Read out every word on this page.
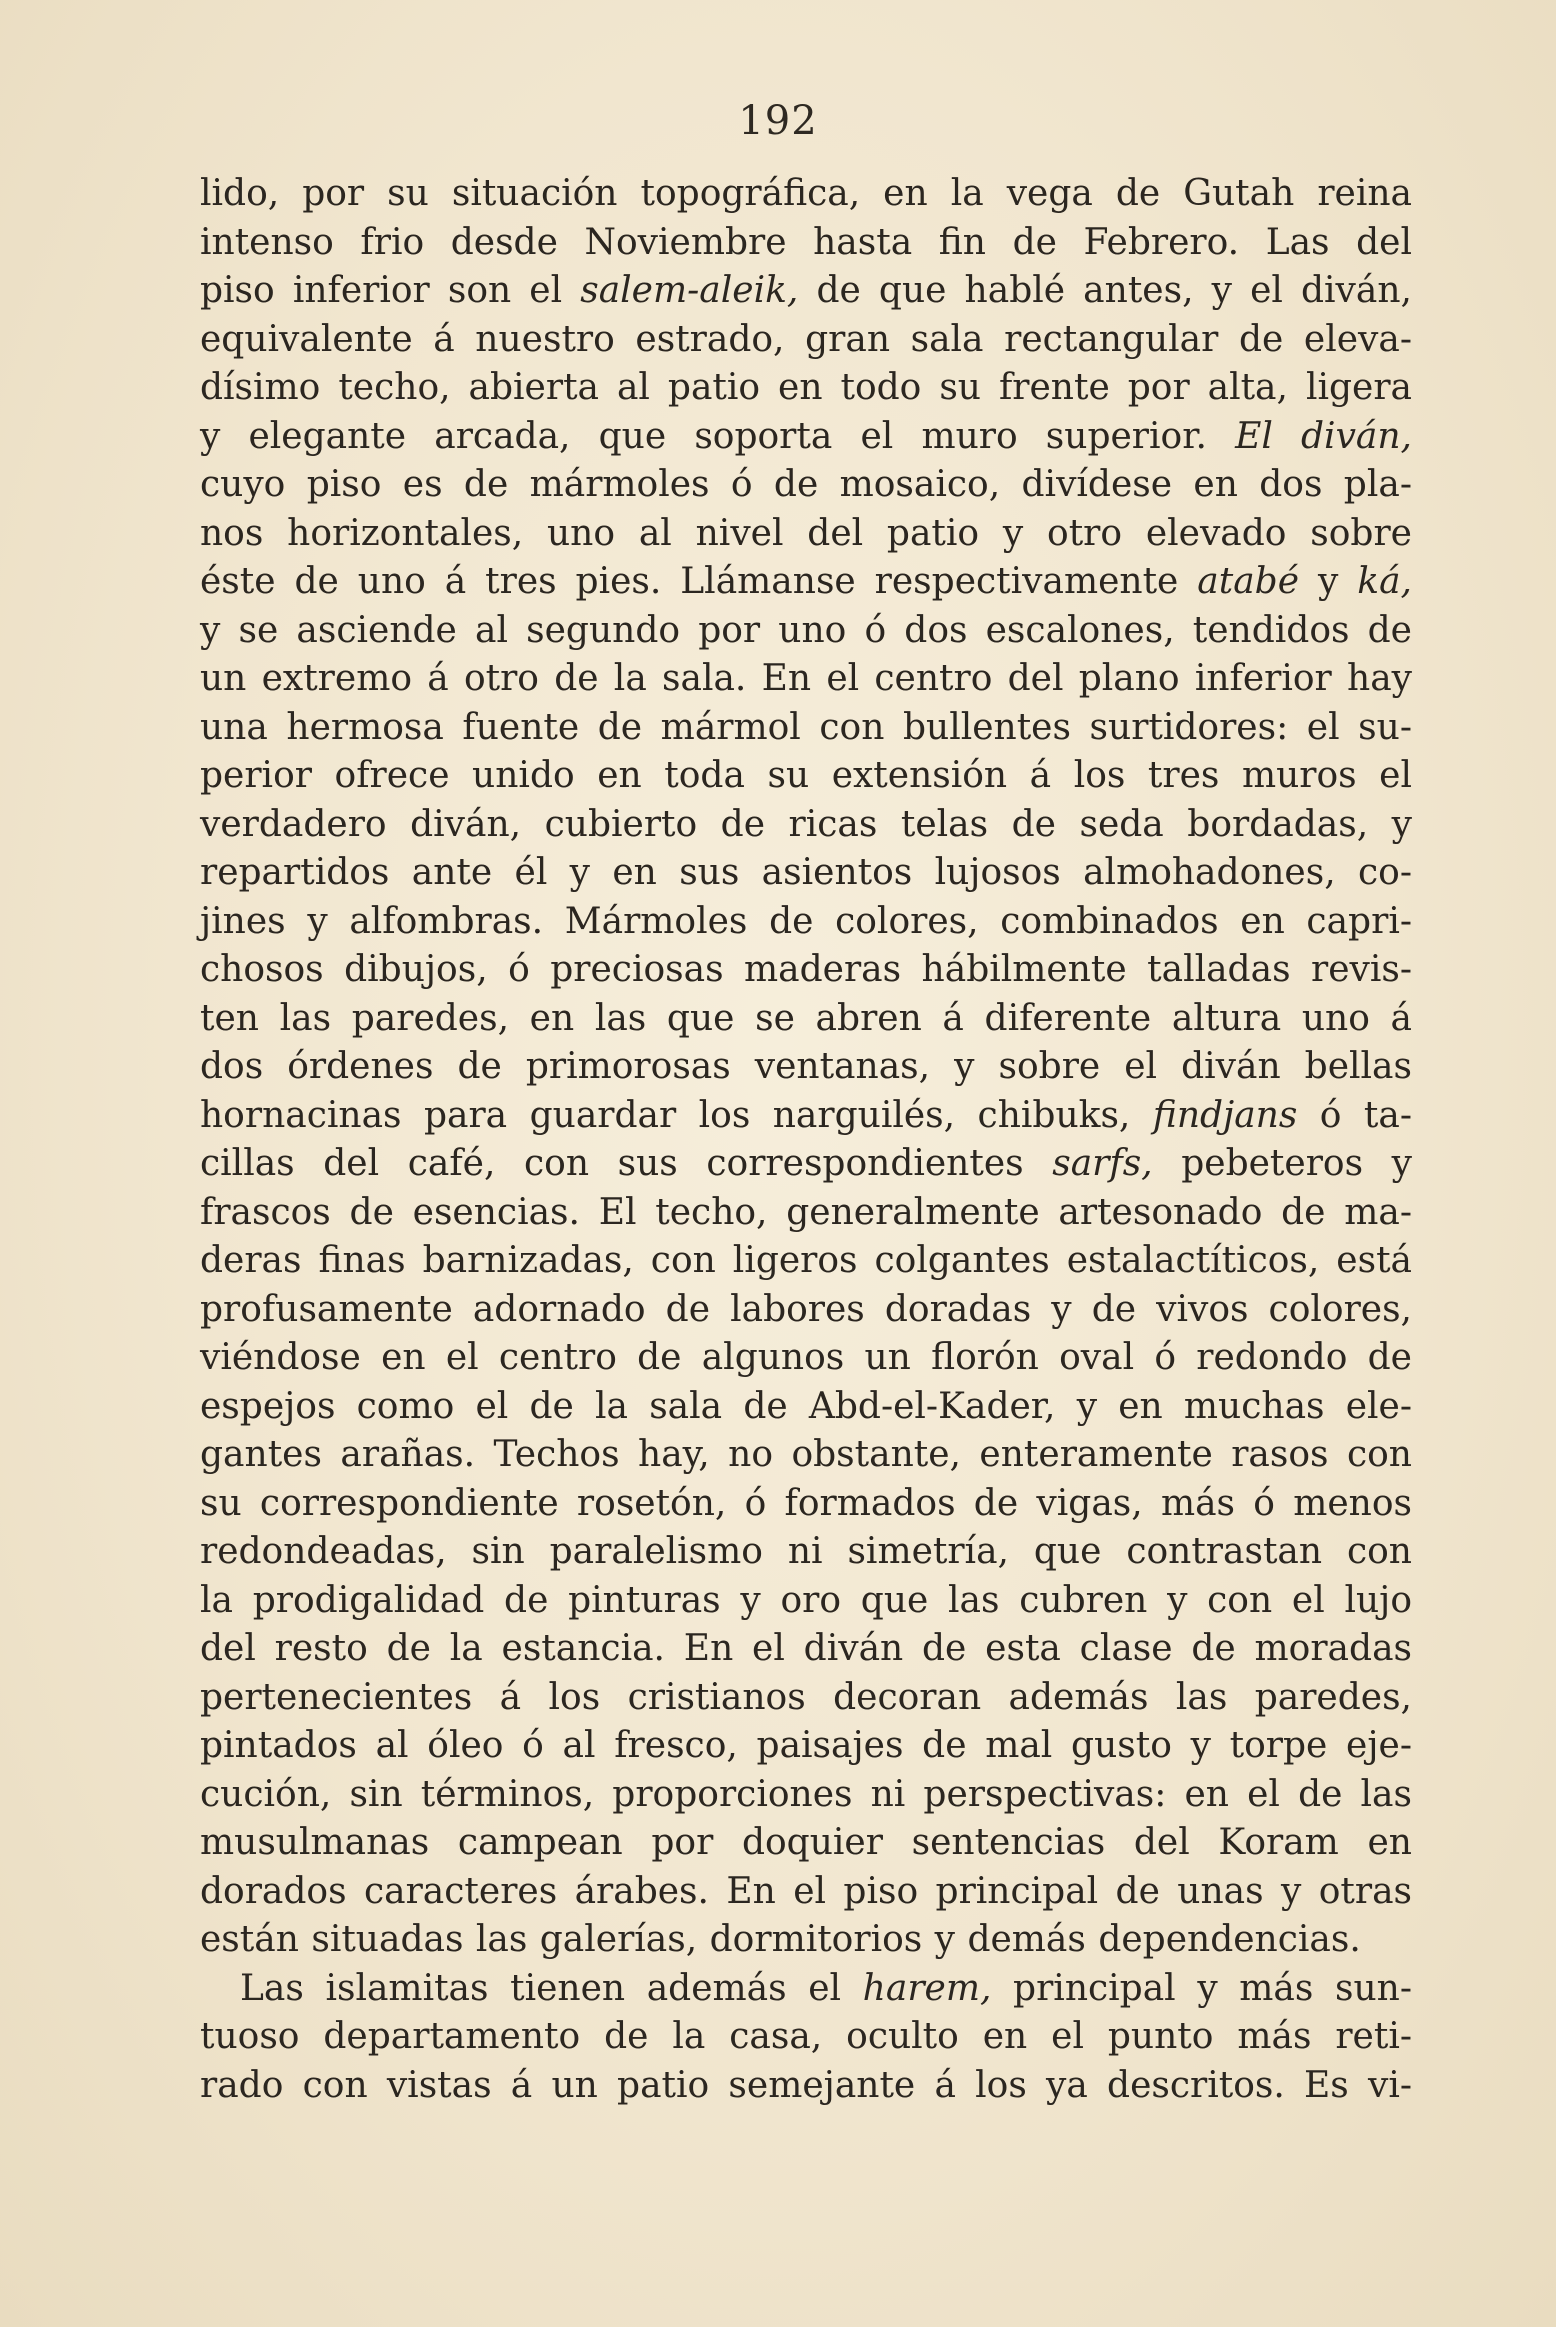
192
lido, por su situación topográfica, en la vega de Gutah reina
intenso frio desde Noviembre hasta fin de Febrero. Las del
piso inferior son el salem-aleik, de que hablé antes, y el diván,
equivalente á nuestro estrado, gran sala rectangular de eleva-
dísimo techo, abierta al patio en todo su frente por alta, ligera
y elegante arcada, que soporta el muro superior. El diván,
cuyo piso es de mármoles ó de mosaico, divídese en dos pla-
nos horizontales, uno al nivel del patio y otro elevado sobre
éste de uno á tres pies. Llámanse respectivamente atabé y ká,
y se asciende al segundo por uno ó dos escalones, tendidos de
un extremo á otro de la sala. En el centro del plano inferior hay
una hermosa fuente de mármol con bullentes surtidores: el su-
perior ofrece unido en toda su extensión á los tres muros el
verdadero diván, cubierto de ricas telas de seda bordadas, y
repartidos ante él y en sus asientos lujosos almohadones, co-
jines y alfombras. Mármoles de colores, combinados en capri-
chosos dibujos, ó preciosas maderas hábilmente talladas revis-
ten las paredes, en las que se abren á diferente altura uno á
dos órdenes de primorosas ventanas, y sobre el diván bellas
hornacinas para guardar los narguilés, chibuks, findjans ó ta-
cillas del café, con sus correspondientes sarfs, pebeteros y
frascos de esencias. El techo, generalmente artesonado de ma-
deras finas barnizadas, con ligeros colgantes estalactíticos, está
profusamente adornado de labores doradas y de vivos colores,
viéndose en el centro de algunos un florón oval ó redondo de
espejos como el de la sala de Abd-el-Kader, y en muchas ele-
gantes arañas. Techos hay, no obstante, enteramente rasos con
su correspondiente rosetón, ó formados de vigas, más ó menos
redondeadas, sin paralelismo ni simetría, que contrastan con
la prodigalidad de pinturas y oro que las cubren y con el lujo
del resto de la estancia. En el diván de esta clase de moradas
pertenecientes á los cristianos decoran además las paredes,
pintados al óleo ó al fresco, paisajes de mal gusto y torpe eje-
cución, sin términos, proporciones ni perspectivas: en el de las
musulmanas campean por doquier sentencias del Koram en
dorados caracteres árabes. En el piso principal de unas y otras
están situadas las galerías, dormitorios y demás dependencias.
Las islamitas tienen además el harem, principal y más sun-
tuoso departamento de la casa, oculto en el punto más reti-
rado con vistas á un patio semejante á los ya descritos. Es vi-
